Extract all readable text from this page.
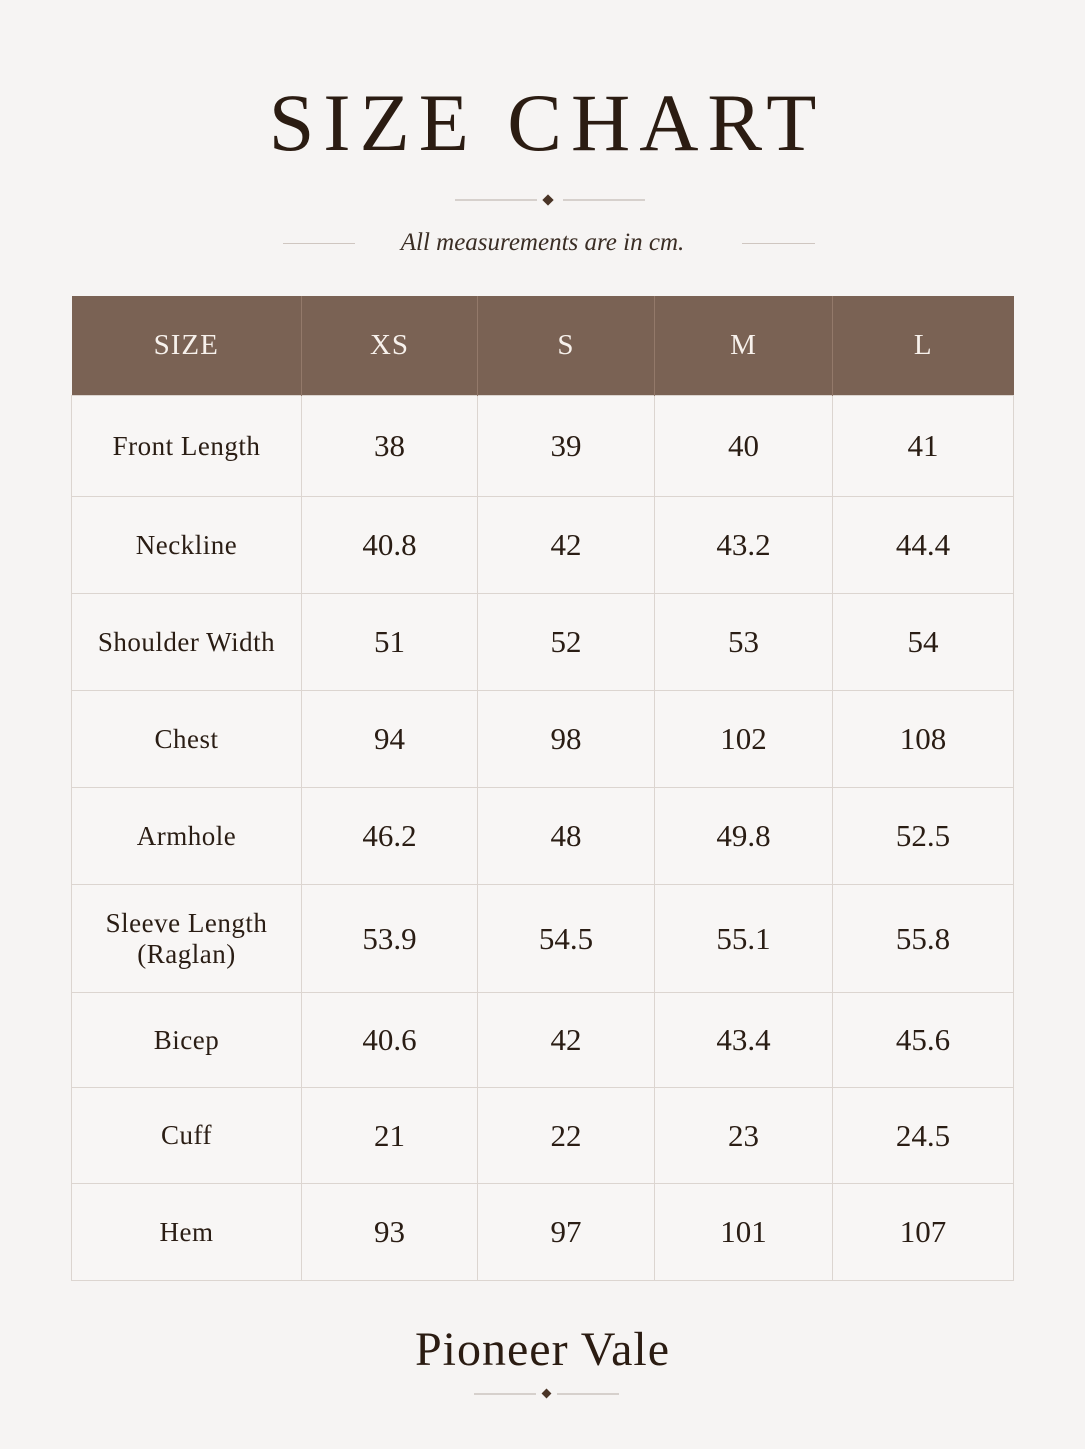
SIZE CHART
All measurements are in cm.
SIZE	XS	S	M	L
Front Length	38	39	40	41
Neckline	40.8	42	43.2	44.4
Shoulder Width	51	52	53	54
Chest	94	98	102	108
Armhole	46.2	48	49.8	52.5
Sleeve Length (Raglan)	53.9	54.5	55.1	55.8
Bicep	40.6	42	43.4	45.6
Cuff	21	22	23	24.5
Hem	93	97	101	107
Pioneer Vale
